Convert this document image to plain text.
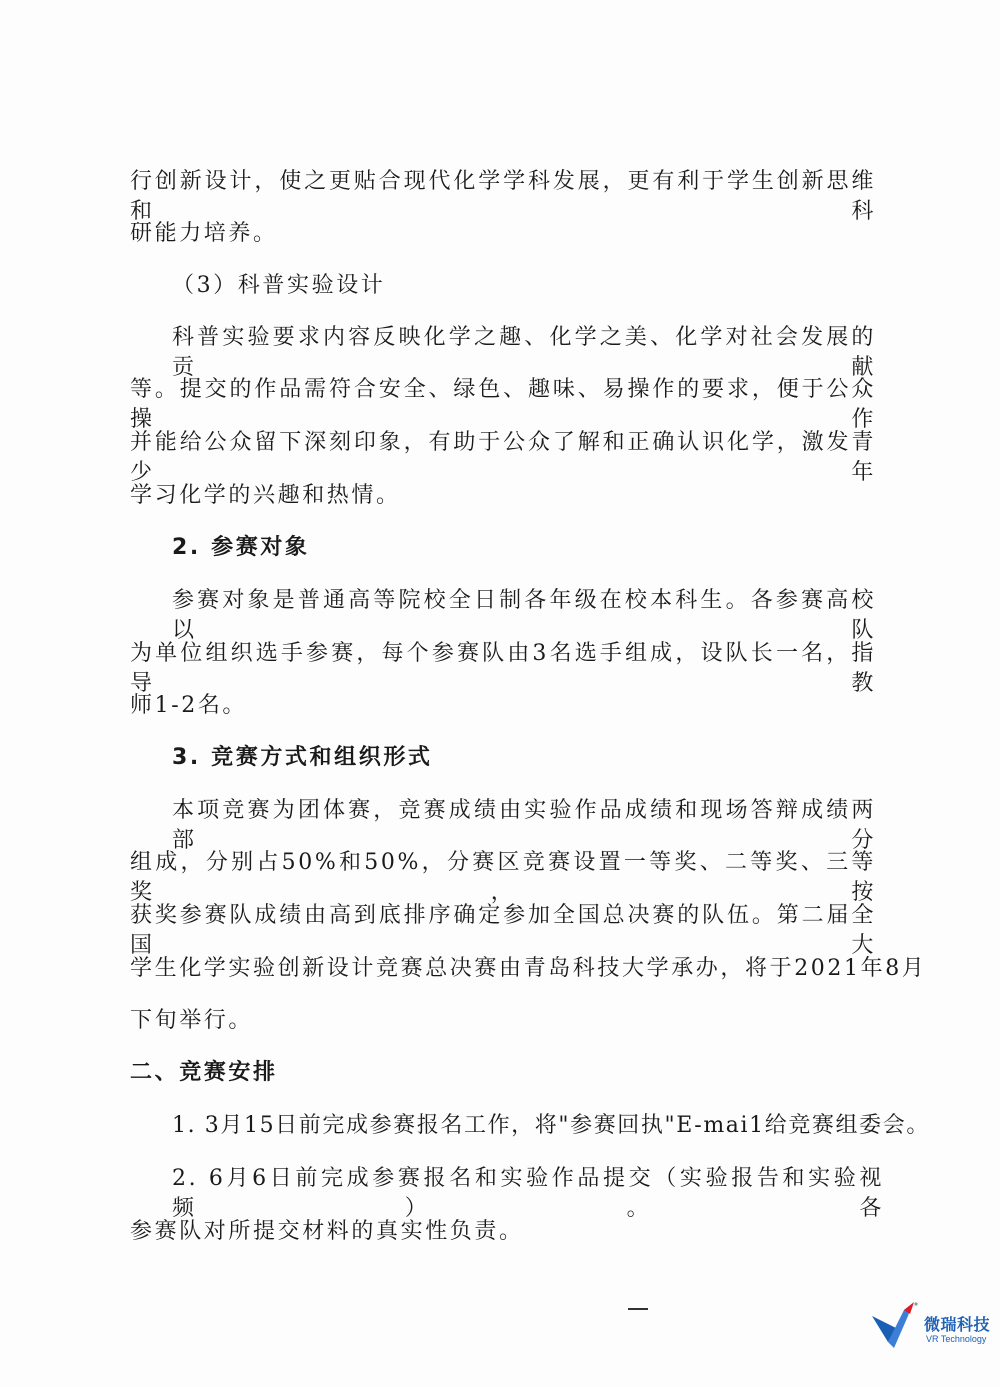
行创新设计，使之更贴合现代化学学科发展，更有利于学生创新思维和科
研能力培养。
（3）科普实验设计
科普实验要求内容反映化学之趣、化学之美、化学对社会发展的贡献
等。提交的作品需符合安全、绿色、趣味、易操作的要求，便于公众操作
并能给公众留下深刻印象，有助于公众了解和正确认识化学，激发青少年
学习化学的兴趣和热情。
2. 参赛对象
参赛对象是普通高等院校全日制各年级在校本科生。各参赛高校以队
为单位组织选手参赛，每个参赛队由3名选手组成，设队长一名，指导教
师1-2名。
3. 竞赛方式和组织形式
本项竞赛为团体赛，竞赛成绩由实验作品成绩和现场答辩成绩两部分
组成，分别占50%和50%，分赛区竞赛设置一等奖、二等奖、三等奖，按
获奖参赛队成绩由高到底排序确定参加全国总决赛的队伍。第二届全国大
学生化学实验创新设计竞赛总决赛由青岛科技大学承办，将于2021年8月
下旬举行。
二、竞赛安排
1. 3月15日前完成参赛报名工作，将"参赛回执"E-mai1给竞赛组委会。
2. 6月6日前完成参赛报名和实验作品提交（实验报告和实验视频）。各
参赛队对所提交材料的真实性负责。
微瑞科技
VR Technology
